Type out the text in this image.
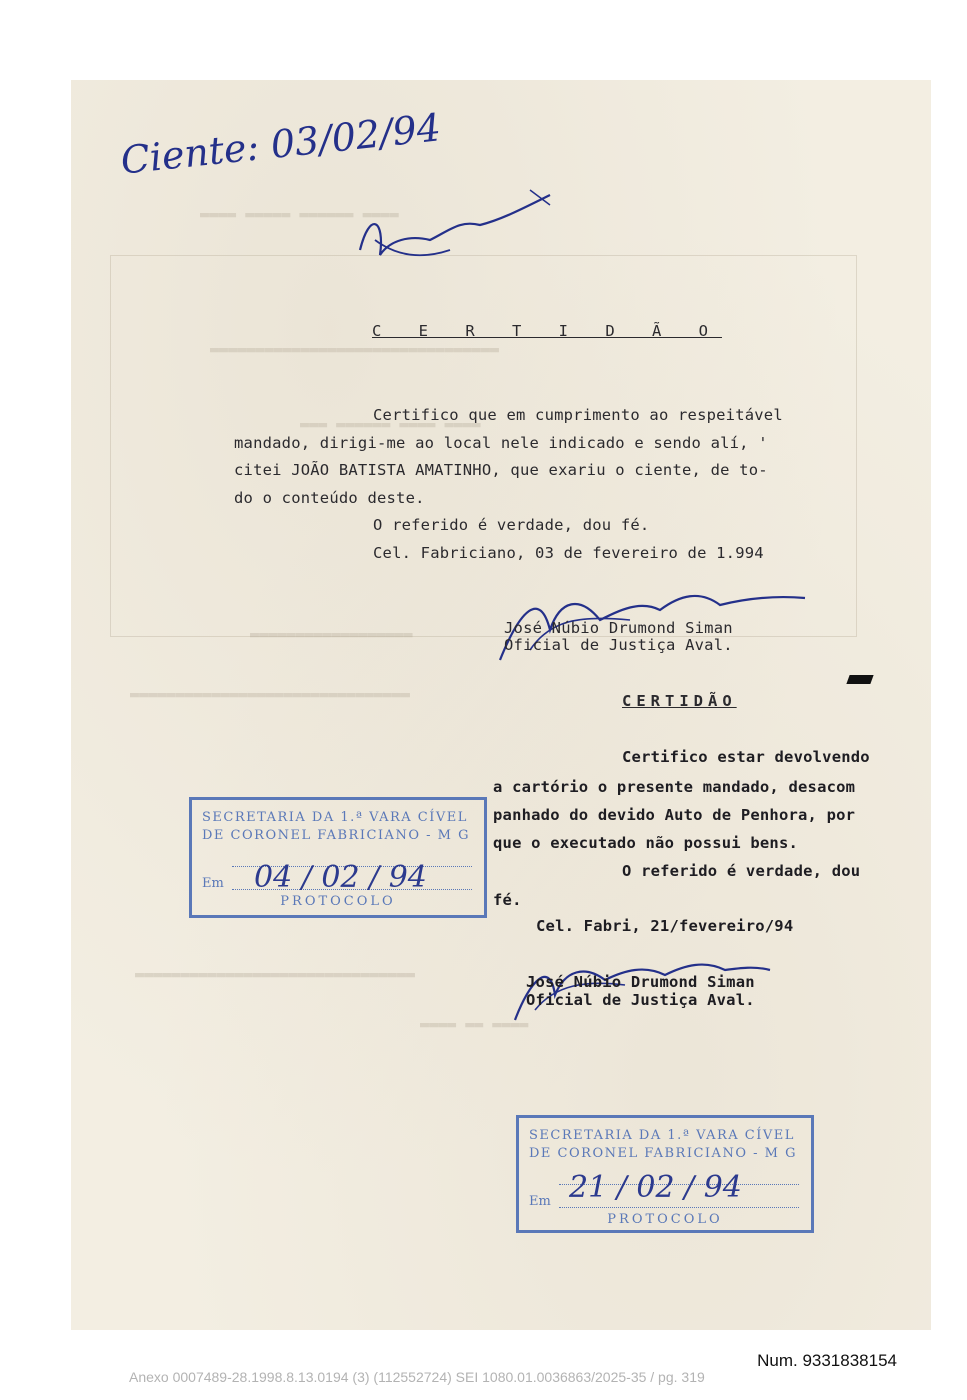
▬▬▬▬ ▬▬▬▬▬▬ ▬▬▬▬▬ ▬▬▬▬
▬▬▬▬▬▬▬▬▬▬▬▬▬▬▬▬▬▬▬▬▬▬▬▬▬▬▬▬▬▬▬▬
▬▬▬▬ ▬▬▬▬ ▬▬▬▬▬▬ ▬▬▬
▬▬▬▬▬▬▬▬▬▬▬▬▬▬▬▬▬▬
▬▬▬▬▬▬▬▬▬▬▬▬▬▬▬▬▬▬▬▬▬▬▬▬▬▬▬▬▬▬▬
▬▬▬▬▬▬▬▬▬▬▬▬▬▬▬▬▬▬▬▬▬▬▬▬▬▬▬▬▬▬▬
▬▬▬▬ ▬▬ ▬▬▬▬
Ciente: 03/02/94
C E R T I D Ã O
Certifico que em cumprimento ao respeitável
mandado, dirigi-me ao local nele indicado e sendo alí, '
citei JOÃO BATISTA AMATINHO, que exariu o ciente, de to-
do o conteúdo deste.
O referido é verdade, dou fé.
Cel. Fabriciano, 03 de fevereiro de 1.994
José Núbio Drumond Siman
Oficial de Justiça Aval.
CERTIDÃO
Certifico estar devolvendo
a cartório o presente mandado, desacom
panhado do devido Auto de Penhora, por
que o executado não possui bens.
O referido é verdade, dou
fé.
Cel. Fabri, 21/fevereiro/94
José Núbio Drumond Siman
Oficial de Justiça Aval.
SECRETARIA DA 1.ª VARA CÍVEL
DE CORONEL FABRICIANO - M G
Em 04 / 02 / 94
PROTOCOLO
SECRETARIA DA 1.ª VARA CÍVEL
DE CORONEL FABRICIANO - M G
Em 21 / 02 / 94
PROTOCOLO
Num. 9331838154
Anexo 0007489-28.1998.8.13.0194 (3) (112552724) SEI 1080.01.0036863/2025-35 / pg. 319
